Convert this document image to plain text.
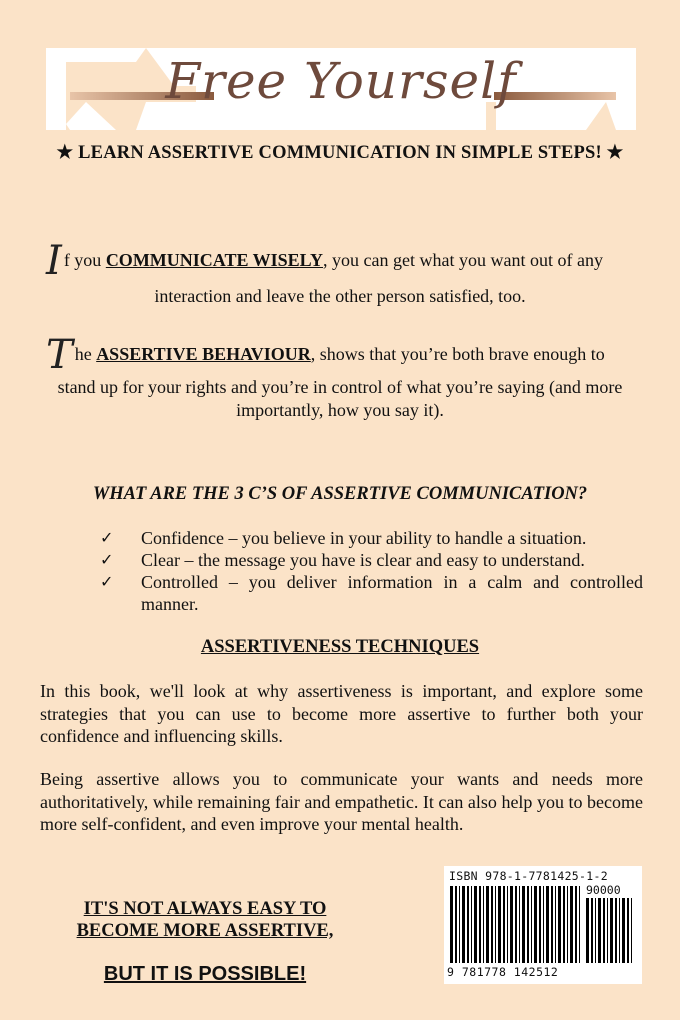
Free Yourself
★ LEARN ASSERTIVE COMMUNICATION IN SIMPLE STEPS! ★
If you COMMUNICATE WISELY, you can get what you want out of any
interaction and leave the other person satisfied, too.
The ASSERTIVE BEHAVIOUR, shows that you’re both brave enough to
stand up for your rights and you’re in control of what you’re saying (and more
importantly, how you say it).
WHAT ARE THE 3 C’S OF ASSERTIVE COMMUNICATION?
✓	Confidence – you believe in your ability to handle a situation.
✓	Clear – the message you have is clear and easy to understand.
✓	Controlled – you deliver information in a calm and controlled manner.
ASSERTIVENESS TECHNIQUES

In this book, we'll look at why assertiveness is important, and explore some strategies that you can use to become more assertive to further both your confidence and influencing skills.

Being assertive allows you to communicate your wants and needs more authoritatively, while remaining fair and empathetic. It can also help you to become more self-confident, and even improve your mental health.

IT'S NOT ALWAYS EASY TO
BECOME MORE ASSERTIVE,
BUT IT IS POSSIBLE!
ISBN 978-1-7781425-1-2
90000
9 781778 142512
